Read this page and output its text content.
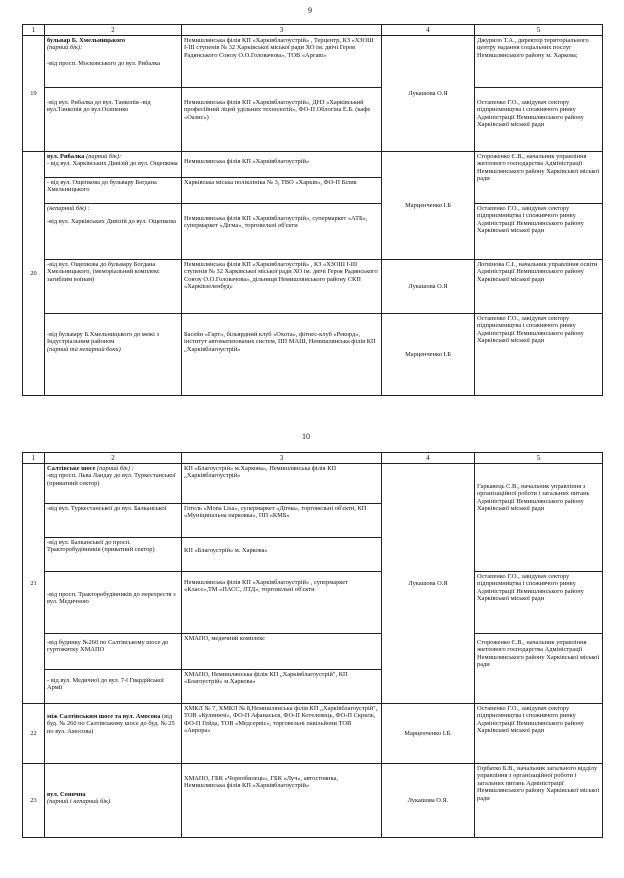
9
1	2	3	4	5
19	бульвар Б. Хмельницького
(парний бік):
-від просп. Московського до вул. Рибалка	Немишлянська філія КП «Харківблагоустрій» , Терцентр, КЗ «ХЗОШ І-ІІІ ступенів № 32 Харківської міської ради ХО ім. двічі Героя Радянського Союзу О.О.Головачова», ТОВ «Аргаві»	Лукашова О.Я	Джурило Т.А., директор територіального центру надання соціальних послуг Немишлянського району м. Харкова;

	-від вул. Рибалка до вул. Танкопія -від вул.Танкопія до вул.Осипенко	Немишлянська філія КП «Харківблагоустрій», ДНЗ «Харківський професійний ліцей удільних технологій», ФО-П Облогіна Е.Б. (кафе «Оазис»)		Остапенко Г.О., завідувач сектору підприємництва і споживчого ринку Адміністрації Немишлянського району Харківської міської ради

20	вул. Рибалка (парний бік):
- від вул. Харківських Дивізій до вул. Ощепкова	Немишлянська філія КП «Харківблагоустрій»	Марценченко І.Б	Стороженко Є.В., начальник управління житлового господарства Адміністрації Немишлянського району Харківської міської ради
	- від вул. Ощепкова до бульвару Богдана Хмельницького	Харківська міська поліклініка № 3, ТВО «Харків», ФО-П Білик		

	(непарний бік) :
-від вул. Харківських Дивізій до вул. Ощепкова	Немишлянська філія КП «Харківблагоустрій», супермаркет «АТБ», супермаркет «Дігма», торговельні об'єкти		Остапенко Г.О., завідувач сектору підприємництва і споживчого ринку Адміністрації Немишлянського району Харківської міської ради
	-від вул. Ощепкова до бульвару Богдана Хмельницького, (меморіальний комплекс загиблим воїнам)	Немишлянська філія КП «Харківблагоустрій» , КЗ «ХЗОШ І-ІІІ ступенів № 32 Харківської міської ради ХО ім. двічі Героя Радянського Союзу О.О.Головачова», дільниця Немишлянського району СКП «Харківзеленбуд»	Лукашова О.Я	Логвінова С.І., начальник управління освіти Адміністрації Немишлянського району Харківської міської ради

	-від бульвару Б.Хмельницького до межі з Індустріальним районом
(парний та непарний боки)	Басейн «Гарт», більярдний клуб «Охота», фітнес-клуб «Рекорд», інститут автоматизованих систем, ПП МАШ, Немишлянська філія КП „Харківблагоустрій»	Марценченко І.Б	Остапенко Г.О., завідувач сектору підприємництва і споживчого ринку Адміністрації Немишлянського району Харківської міської ради
10
1	2	3	4	5
21	Салтівське шосе (парний бік) :
-від просп. Льва Ландау до вул. Туркестанської (приватний сектор)	КП «Благоустрій» м.Харкова», Немишлянська філія КП „Харківблагоустрій»	Лукашова О.Я	Гаркавець С.В., начальник управління з організаційної роботи і загальних питань Адміністрації Немишлянського району Харківської міської ради

	-від вул. Туркестанської до вул. Балканської	Готель «Mona Lisa», супермаркет «Дігма», торговельні об'єкти, КП «Муніципальна парковка», ПП «КМБ»		
	-від вул. Балканської до просп. Тракторобудівників (приватний сектор)	КП «Благоустрій» м. Харкова»		

	-від просп. Тракторобудівників до перехрестя з вул. Медичною	Немишлянська філія КП «Харківблагоустрій» , супермаркет «Класс»,ТМ «ПАСС, ЛТД», торговельні об'єкти		Остапенко Г.О., завідувач сектору підприємництва і споживчого ринку Адміністрації Немишлянського району Харківської міської ради

	-від будинку №260 по Салтівському шосе до гуртожитку ХМАПО	ХМАПО, медичний комплекс		Стороженко Є.В., начальник управління житлового господарства Адміністрації Немишлянського району Харківської міської ради

	- від вул. Медичної до вул. 7-ї Гвардійської Армії	ХМАПО, Немишлянська філія КП „Харківблагоустрій", КП «Благоустрій» м.Харкова»		
22	між Салтівським шосе та вул. Амосова (від буд. № 260 по Салтівському шосе до буд. № 25 по вул. Амосова)	ХМКЛ № 7, ХМКЛ № 8,Немишлянська філія КП „Харківблагоустрій", ТОВ «Кулиничі», ФО-П Афанасьєв, ФО-П Котелевець, ФО-П Скриль, ФО-П Гейда, ТОВ «Медсервіс», торговельні павільйони ТОВ «Аврора»	Марценченко І.Б.	Остапенко Г.О., завідувач сектору підприємництва і споживчого ринку Адміністрації Немишлянського району Харківської міської ради
23	вул. Сонячна
(парний і непарний бік)	ХМАПО, ГБК «Чорнобилець», ГБК «Луч», автостоянка, Немишлянська філія КП «Харківблагоустрій»	Лукашова О.Я.	Горбатко Б.В., начальник загального відділу управління з організаційної роботи і загальних питань Адміністрації Немишлянського району Харківської міської ради
